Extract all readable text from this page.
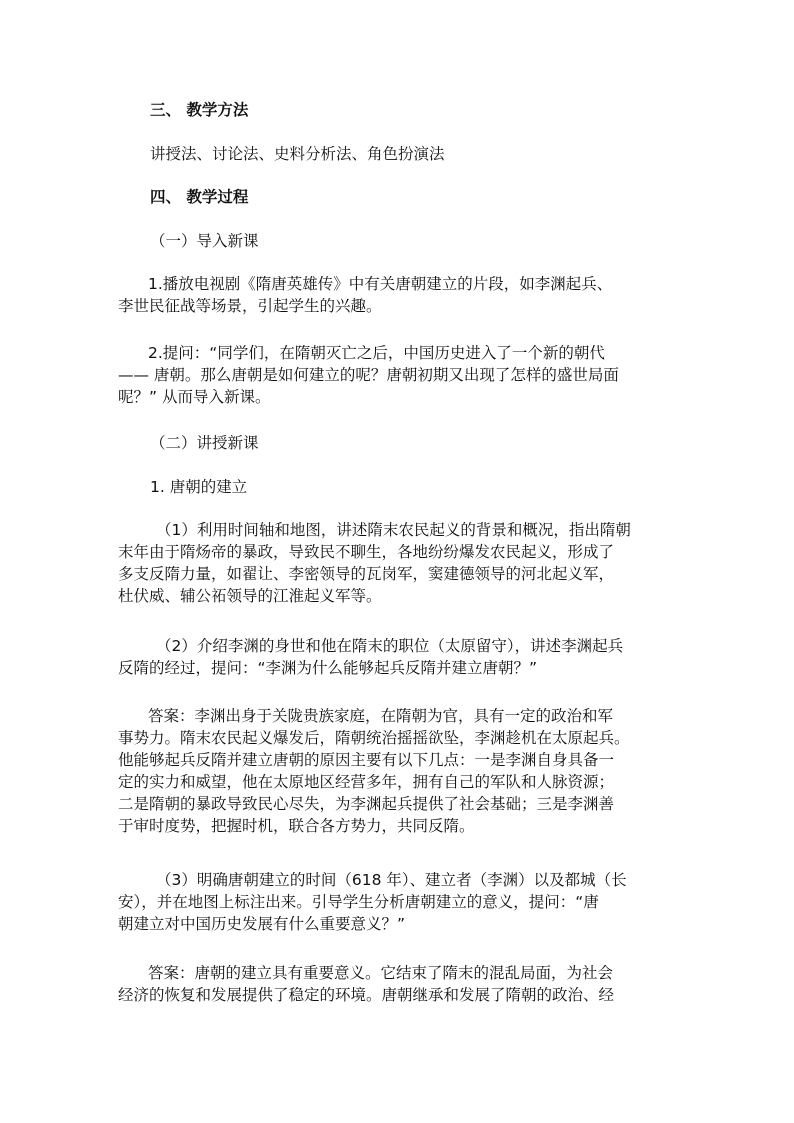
三、 教学方法

讲授法、讨论法、史料分析法、角色扮演法

四、 教学过程

（一）导入新课

1.播放电视剧《隋唐英雄传》中有关唐朝建立的片段，如李渊起兵、
李世民征战等场景，引起学生的兴趣。

2.提问：“同学们，在隋朝灭亡之后，中国历史进入了一个新的朝代
—— 唐朝。那么唐朝是如何建立的呢？唐朝初期又出现了怎样的盛世局面
呢？” 从而导入新课。

（二）讲授新课

1. 唐朝的建立

（1）利用时间轴和地图，讲述隋末农民起义的背景和概况，指出隋朝
末年由于隋炀帝的暴政，导致民不聊生，各地纷纷爆发农民起义，形成了
多支反隋力量，如翟让、李密领导的瓦岗军，窦建德领导的河北起义军，
杜伏威、辅公祏领导的江淮起义军等。

（2）介绍李渊的身世和他在隋末的职位（太原留守），讲述李渊起兵
反隋的经过，提问：“李渊为什么能够起兵反隋并建立唐朝？”

答案：李渊出身于关陇贵族家庭，在隋朝为官，具有一定的政治和军
事势力。隋末农民起义爆发后，隋朝统治摇摇欲坠，李渊趁机在太原起兵。
他能够起兵反隋并建立唐朝的原因主要有以下几点：一是李渊自身具备一
定的实力和威望，他在太原地区经营多年，拥有自己的军队和人脉资源；
二是隋朝的暴政导致民心尽失，为李渊起兵提供了社会基础；三是李渊善
于审时度势，把握时机，联合各方势力，共同反隋。

（3）明确唐朝建立的时间（618 年）、建立者（李渊）以及都城（长
安），并在地图上标注出来。引导学生分析唐朝建立的意义，提问：“唐
朝建立对中国历史发展有什么重要意义？”

答案：唐朝的建立具有重要意义。它结束了隋末的混乱局面，为社会
经济的恢复和发展提供了稳定的环境。唐朝继承和发展了隋朝的政治、经
